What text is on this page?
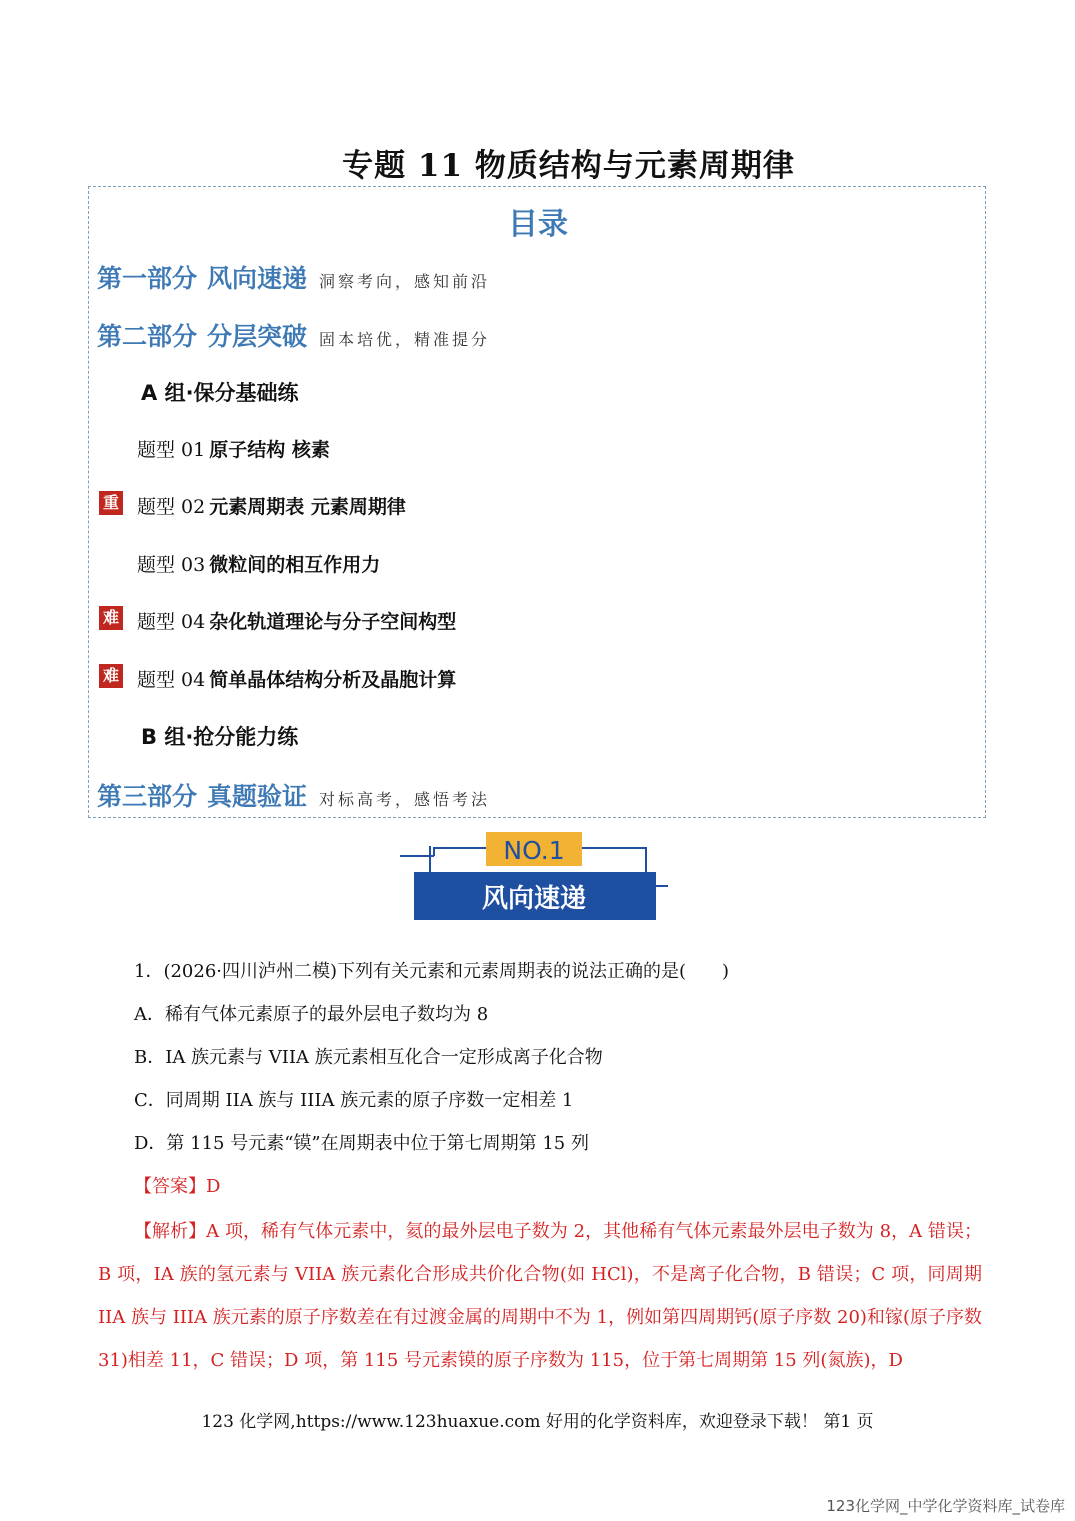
专题 11 物质结构与元素周期律
目录
第一部分 风向速递 洞察考向，感知前沿
第二部分 分层突破 固本培优，精准提分
A 组·保分基础练
题型 01 原子结构 核素
重 题型 02 元素周期表 元素周期律
题型 03 微粒间的相互作用力
难 题型 04 杂化轨道理论与分子空间构型
难 题型 04 简单晶体结构分析及晶胞计算
B 组·抢分能力练
第三部分 真题验证 对标高考，感悟考法
NO.1
风向速递
1．(2026·四川泸州二模)下列有关元素和元素周期表的说法正确的是(　　)
A．稀有气体元素原子的最外层电子数均为 8
B．IA 族元素与 VIIA 族元素相互化合一定形成离子化合物
C．同周期 IIA 族与 IIIA 族元素的原子序数一定相差 1
D．第 115 号元素“镆”在周期表中位于第七周期第 15 列
【答案】D
【解析】A 项，稀有气体元素中，氦的最外层电子数为 2，其他稀有气体元素最外层电子数为 8，A 错误；B 项，IA 族的氢元素与 VIIA 族元素化合形成共价化合物(如 HCl)，不是离子化合物，B 错误；C 项，同周期 IIA 族与 IIIA 族元素的原子序数差在有过渡金属的周期中不为 1，例如第四周期钙(原子序数 20)和镓(原子序数 31)相差 11，C 错误；D 项，第 115 号元素镆的原子序数为 115，位于第七周期第 15 列(氮族)，D
123 化学网,https://www.123huaxue.com 好用的化学资料库，欢迎登录下载！ 第1 页
123化学网_中学化学资料库_试卷库
